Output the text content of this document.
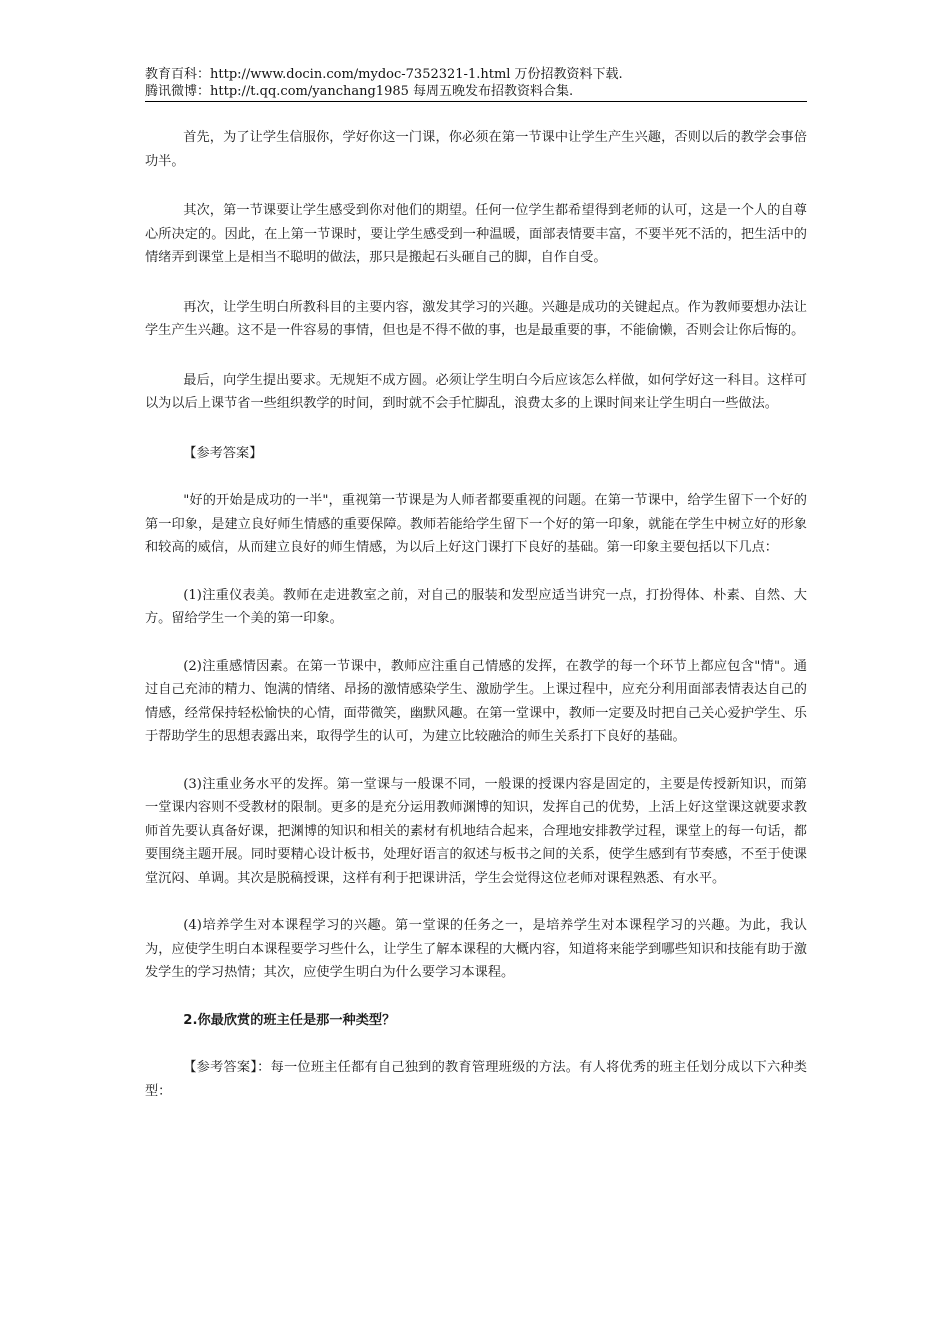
教育百科：http://www.docin.com/mydoc-7352321-1.html 万份招教资料下载.
腾讯微博：http://t.qq.com/yanchang1985 每周五晚发布招教资料合集.

首先，为了让学生信服你，学好你这一门课，你必须在第一节课中让学生产生兴趣，否则以后的教学会事倍功半。

其次，第一节课要让学生感受到你对他们的期望。任何一位学生都希望得到老师的认可，这是一个人的自尊心所决定的。因此，在上第一节课时，要让学生感受到一种温暖，面部表情要丰富，不要半死不活的，把生活中的情绪弄到课堂上是相当不聪明的做法，那只是搬起石头砸自己的脚，自作自受。

再次，让学生明白所教科目的主要内容，激发其学习的兴趣。兴趣是成功的关键起点。作为教师要想办法让学生产生兴趣。这不是一件容易的事情，但也是不得不做的事，也是最重要的事，不能偷懒，否则会让你后悔的。

最后，向学生提出要求。无规矩不成方圆。必须让学生明白今后应该怎么样做，如何学好这一科目。这样可以为以后上课节省一些组织教学的时间，到时就不会手忙脚乱，浪费太多的上课时间来让学生明白一些做法。

【参考答案】

"好的开始是成功的一半"，重视第一节课是为人师者都要重视的问题。在第一节课中，给学生留下一个好的第一印象，是建立良好师生情感的重要保障。教师若能给学生留下一个好的第一印象，就能在学生中树立好的形象和较高的威信，从而建立良好的师生情感，为以后上好这门课打下良好的基础。第一印象主要包括以下几点：

(1)注重仪表美。教师在走进教室之前，对自己的服装和发型应适当讲究一点，打扮得体、朴素、自然、大方。留给学生一个美的第一印象。

(2)注重感情因素。在第一节课中，教师应注重自己情感的发挥，在教学的每一个环节上都应包含"情"。通过自己充沛的精力、饱满的情绪、昂扬的激情感染学生、激励学生。上课过程中，应充分利用面部表情表达自己的情感，经常保持轻松愉快的心情，面带微笑，幽默风趣。在第一堂课中，教师一定要及时把自己关心爱护学生、乐于帮助学生的思想表露出来，取得学生的认可，为建立比较融洽的师生关系打下良好的基础。

(3)注重业务水平的发挥。第一堂课与一般课不同，一般课的授课内容是固定的，主要是传授新知识，而第一堂课内容则不受教材的限制。更多的是充分运用教师渊博的知识，发挥自己的优势，上活上好这堂课这就要求教师首先要认真备好课，把渊博的知识和相关的素材有机地结合起来，合理地安排教学过程，课堂上的每一句话，都要围绕主题开展。同时要精心设计板书，处理好语言的叙述与板书之间的关系，使学生感到有节奏感，不至于使课堂沉闷、单调。其次是脱稿授课，这样有利于把课讲活，学生会觉得这位老师对课程熟悉、有水平。

(4)培养学生对本课程学习的兴趣。第一堂课的任务之一，是培养学生对本课程学习的兴趣。为此，我认为，应使学生明白本课程要学习些什么，让学生了解本课程的大概内容，知道将来能学到哪些知识和技能有助于激发学生的学习热情；其次，应使学生明白为什么要学习本课程。

2.你最欣赏的班主任是那一种类型？

【参考答案】：每一位班主任都有自己独到的教育管理班级的方法。有人将优秀的班主任划分成以下六种类型：
